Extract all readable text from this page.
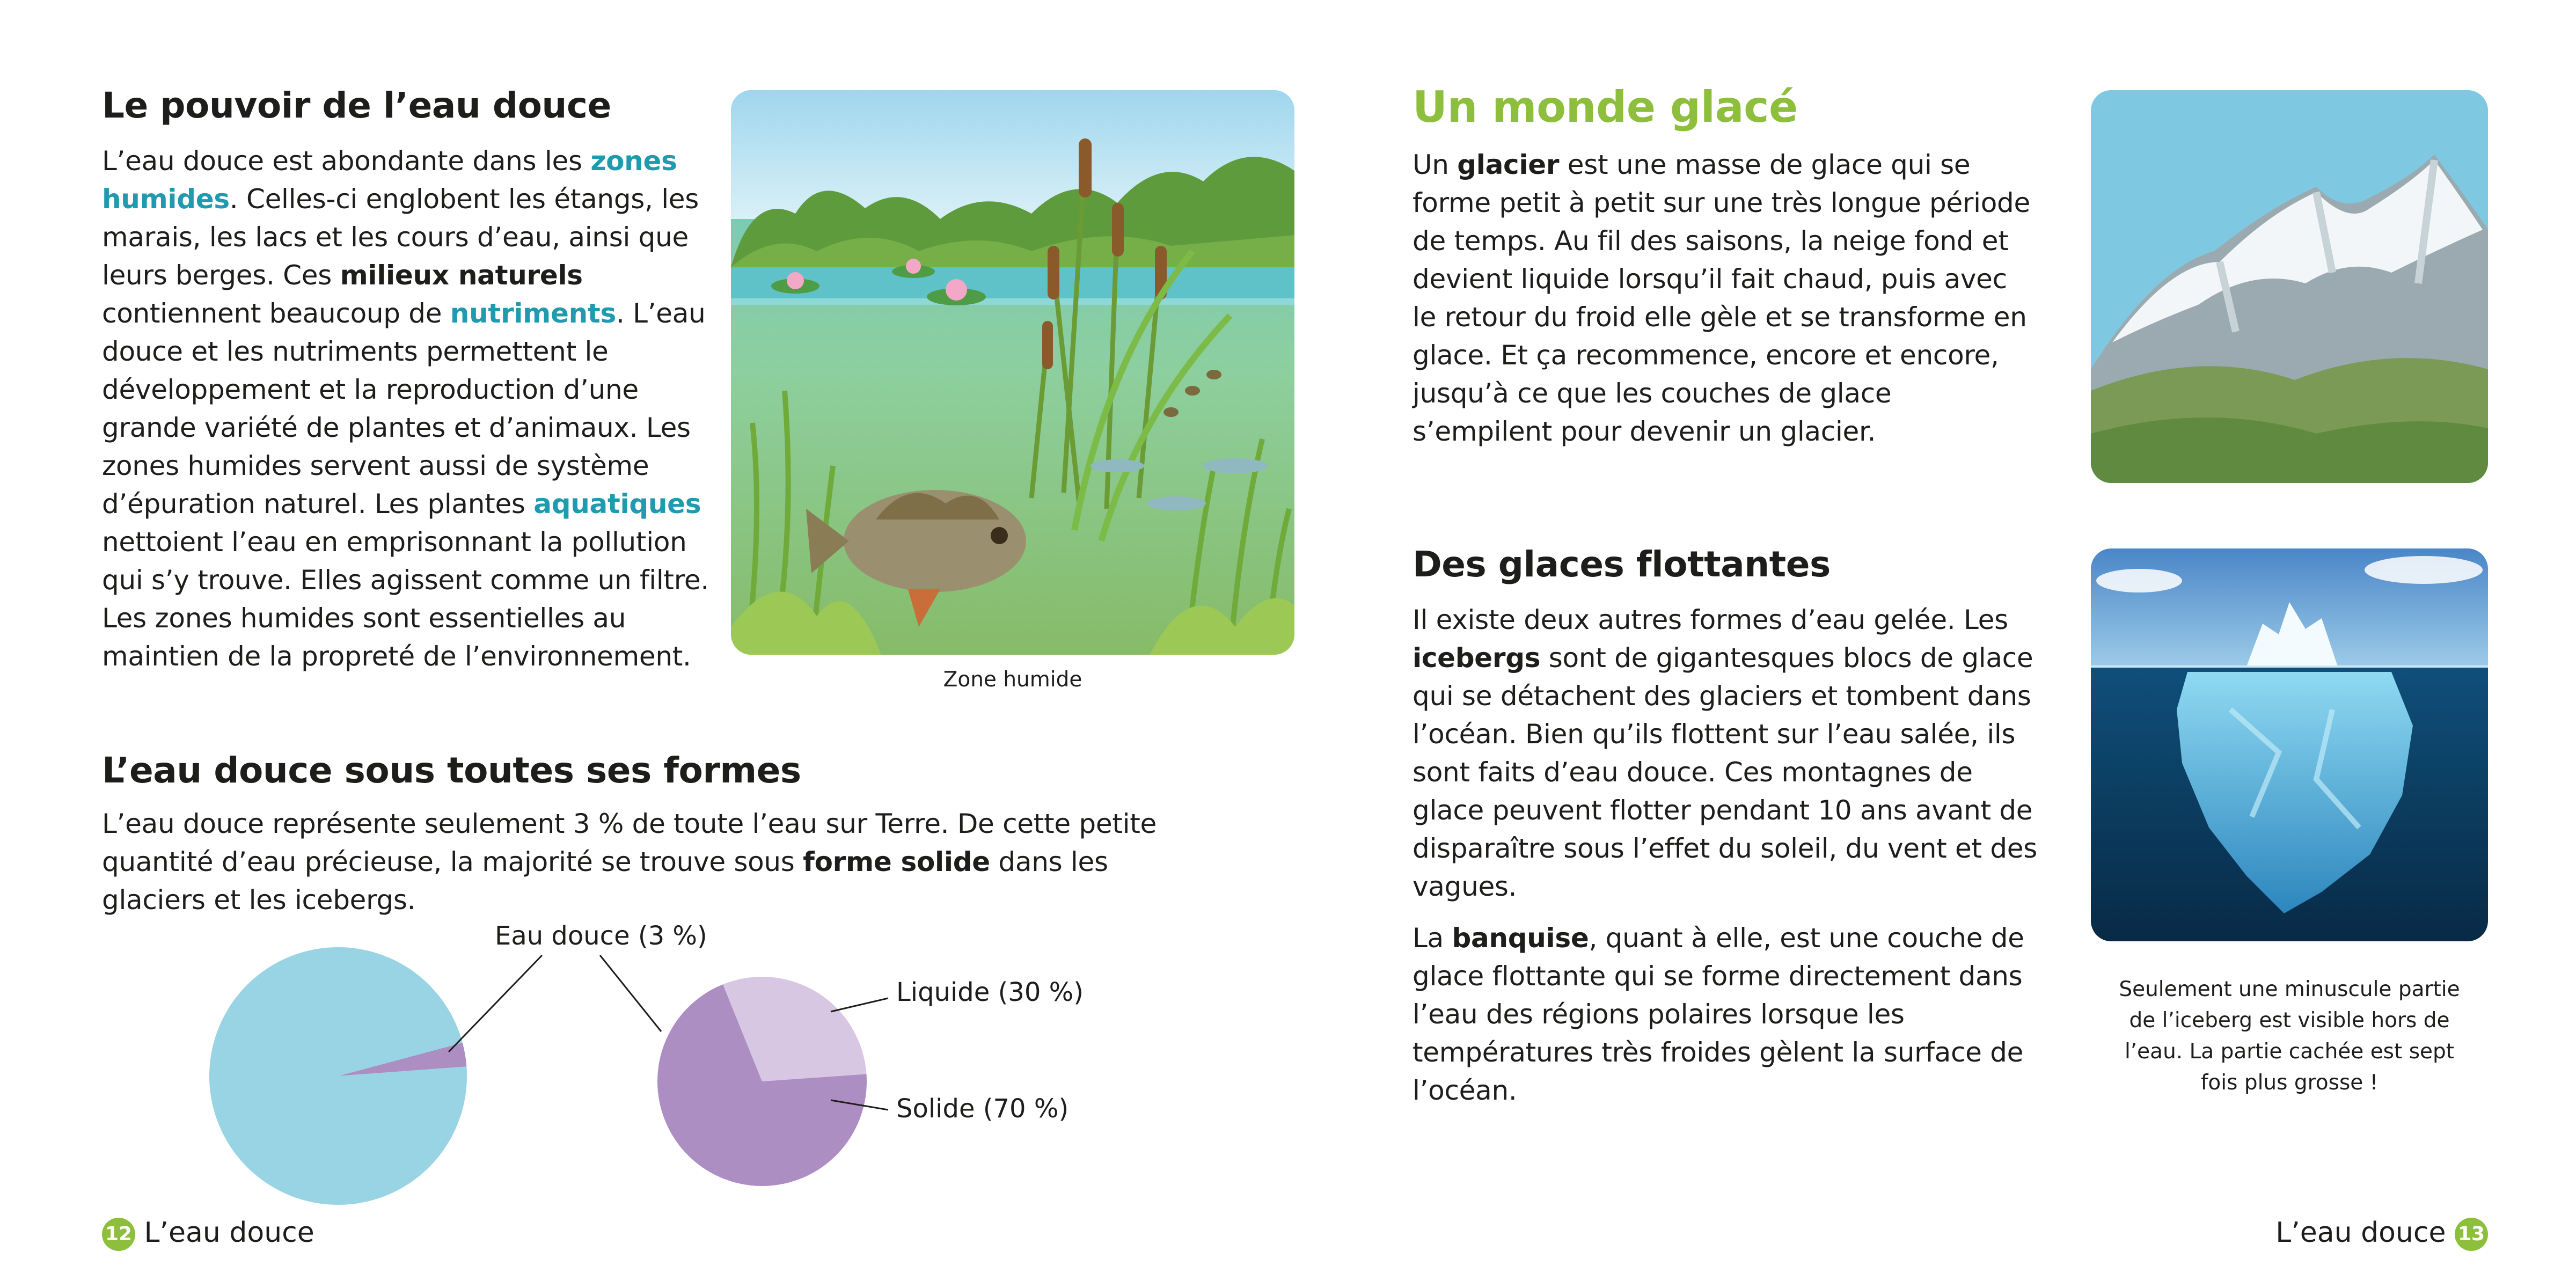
Le pouvoir de l’eau douce

L’eau douce est abondante dans les zones humides. Celles-ci englobent les étangs, les marais, les lacs et les cours d’eau, ainsi que leurs berges. Ces milieux naturels contiennent beaucoup de nutriments. L’eau douce et les nutriments permettent le développement et la reproduction d’une grande variété de plantes et d’animaux. Les zones humides servent aussi de système d’épuration naturel. Les plantes aquatiques nettoient l’eau en emprisonnant la pollution qui s’y trouve. Elles agissent comme un filtre. Les zones humides sont essentielles au maintien de la propreté de l’environnement.

Zone humide
L’eau douce sous toutes ses formes

L’eau douce représente seulement 3 % de toute l’eau sur Terre. De cette petite quantité d’eau précieuse, la majorité se trouve sous forme solide dans les glaciers et les icebergs.

Eau douce (3 %)
Liquide (30 %)
Solide (70 %)
12 L’eau douce
Un monde glacé

Un glacier est une masse de glace qui se forme petit à petit sur une très longue période de temps. Au fil des saisons, la neige fond et devient liquide lorsqu’il fait chaud, puis avec le retour du froid elle gèle et se transforme en glace. Et ça recommence, encore et encore, jusqu’à ce que les couches de glace s’empilent pour devenir un glacier.

Des glaces flottantes

Il existe deux autres formes d’eau gelée. Les icebergs sont de gigantesques blocs de glace qui se détachent des glaciers et tombent dans l’océan. Bien qu’ils flottent sur l’eau salée, ils sont faits d’eau douce. Ces montagnes de glace peuvent flotter pendant 10 ans avant de disparaître sous l’effet du soleil, du vent et des vagues.

La banquise, quant à elle, est une couche de glace flottante qui se forme directement dans l’eau des régions polaires lorsque les températures très froides gèlent la surface de l’océan.

Seulement une minuscule partie de l’iceberg est visible hors de l’eau. La partie cachée est sept fois plus grosse !
L’eau douce 13
